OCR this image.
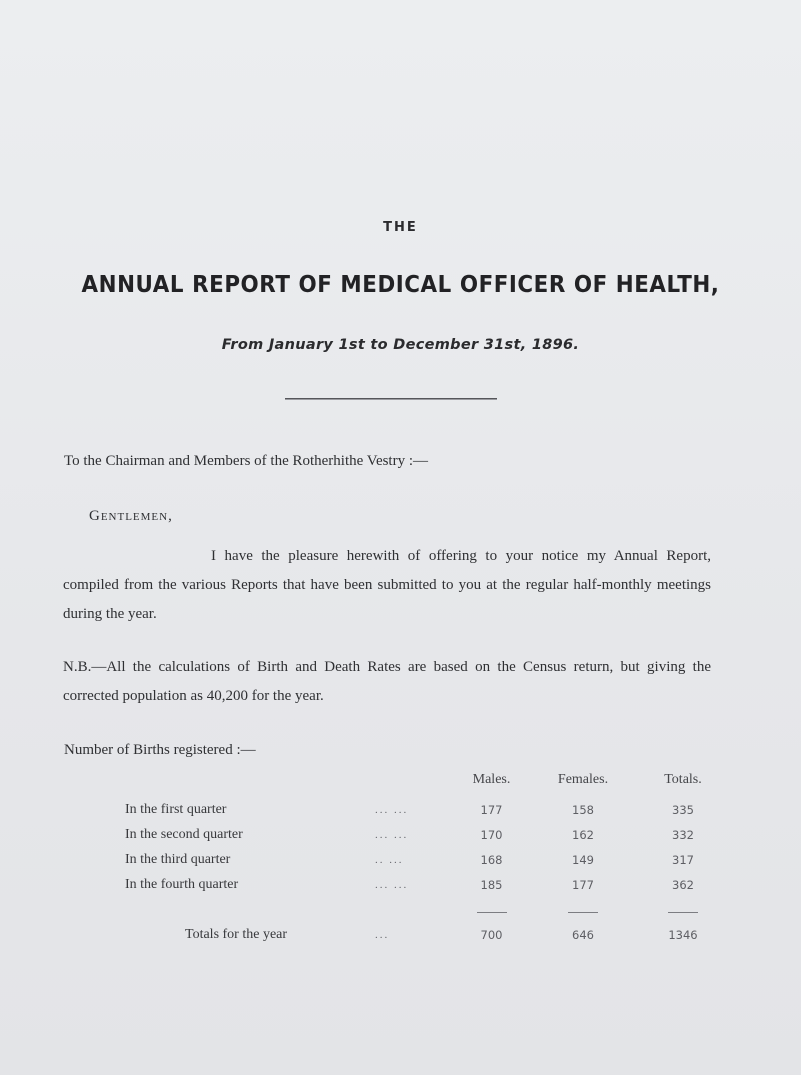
THE
ANNUAL REPORT OF MEDICAL OFFICER OF HEALTH,
From January 1st to December 31st, 1896.
To the Chairman and Members of the Rotherhithe Vestry :—
Gentlemen,
I have the pleasure herewith of offering to your notice my Annual Report, compiled from the various Reports that have been submitted to you at the regular half-monthly meetings during the year.
N.B.—All the calculations of Birth and Death Rates are based on the Census return, but giving the corrected population as 40,200 for the year.
Number of Births registered :—
		Males.	Females.	Totals.
In the first quarter	... ...	177	158	335
In the second quarter	... ...	170	162	332
In the third quarter	.. ...	168	149	317
In the fourth quarter	... ...	185	177	362

Totals for the year	...	700	646	1346
